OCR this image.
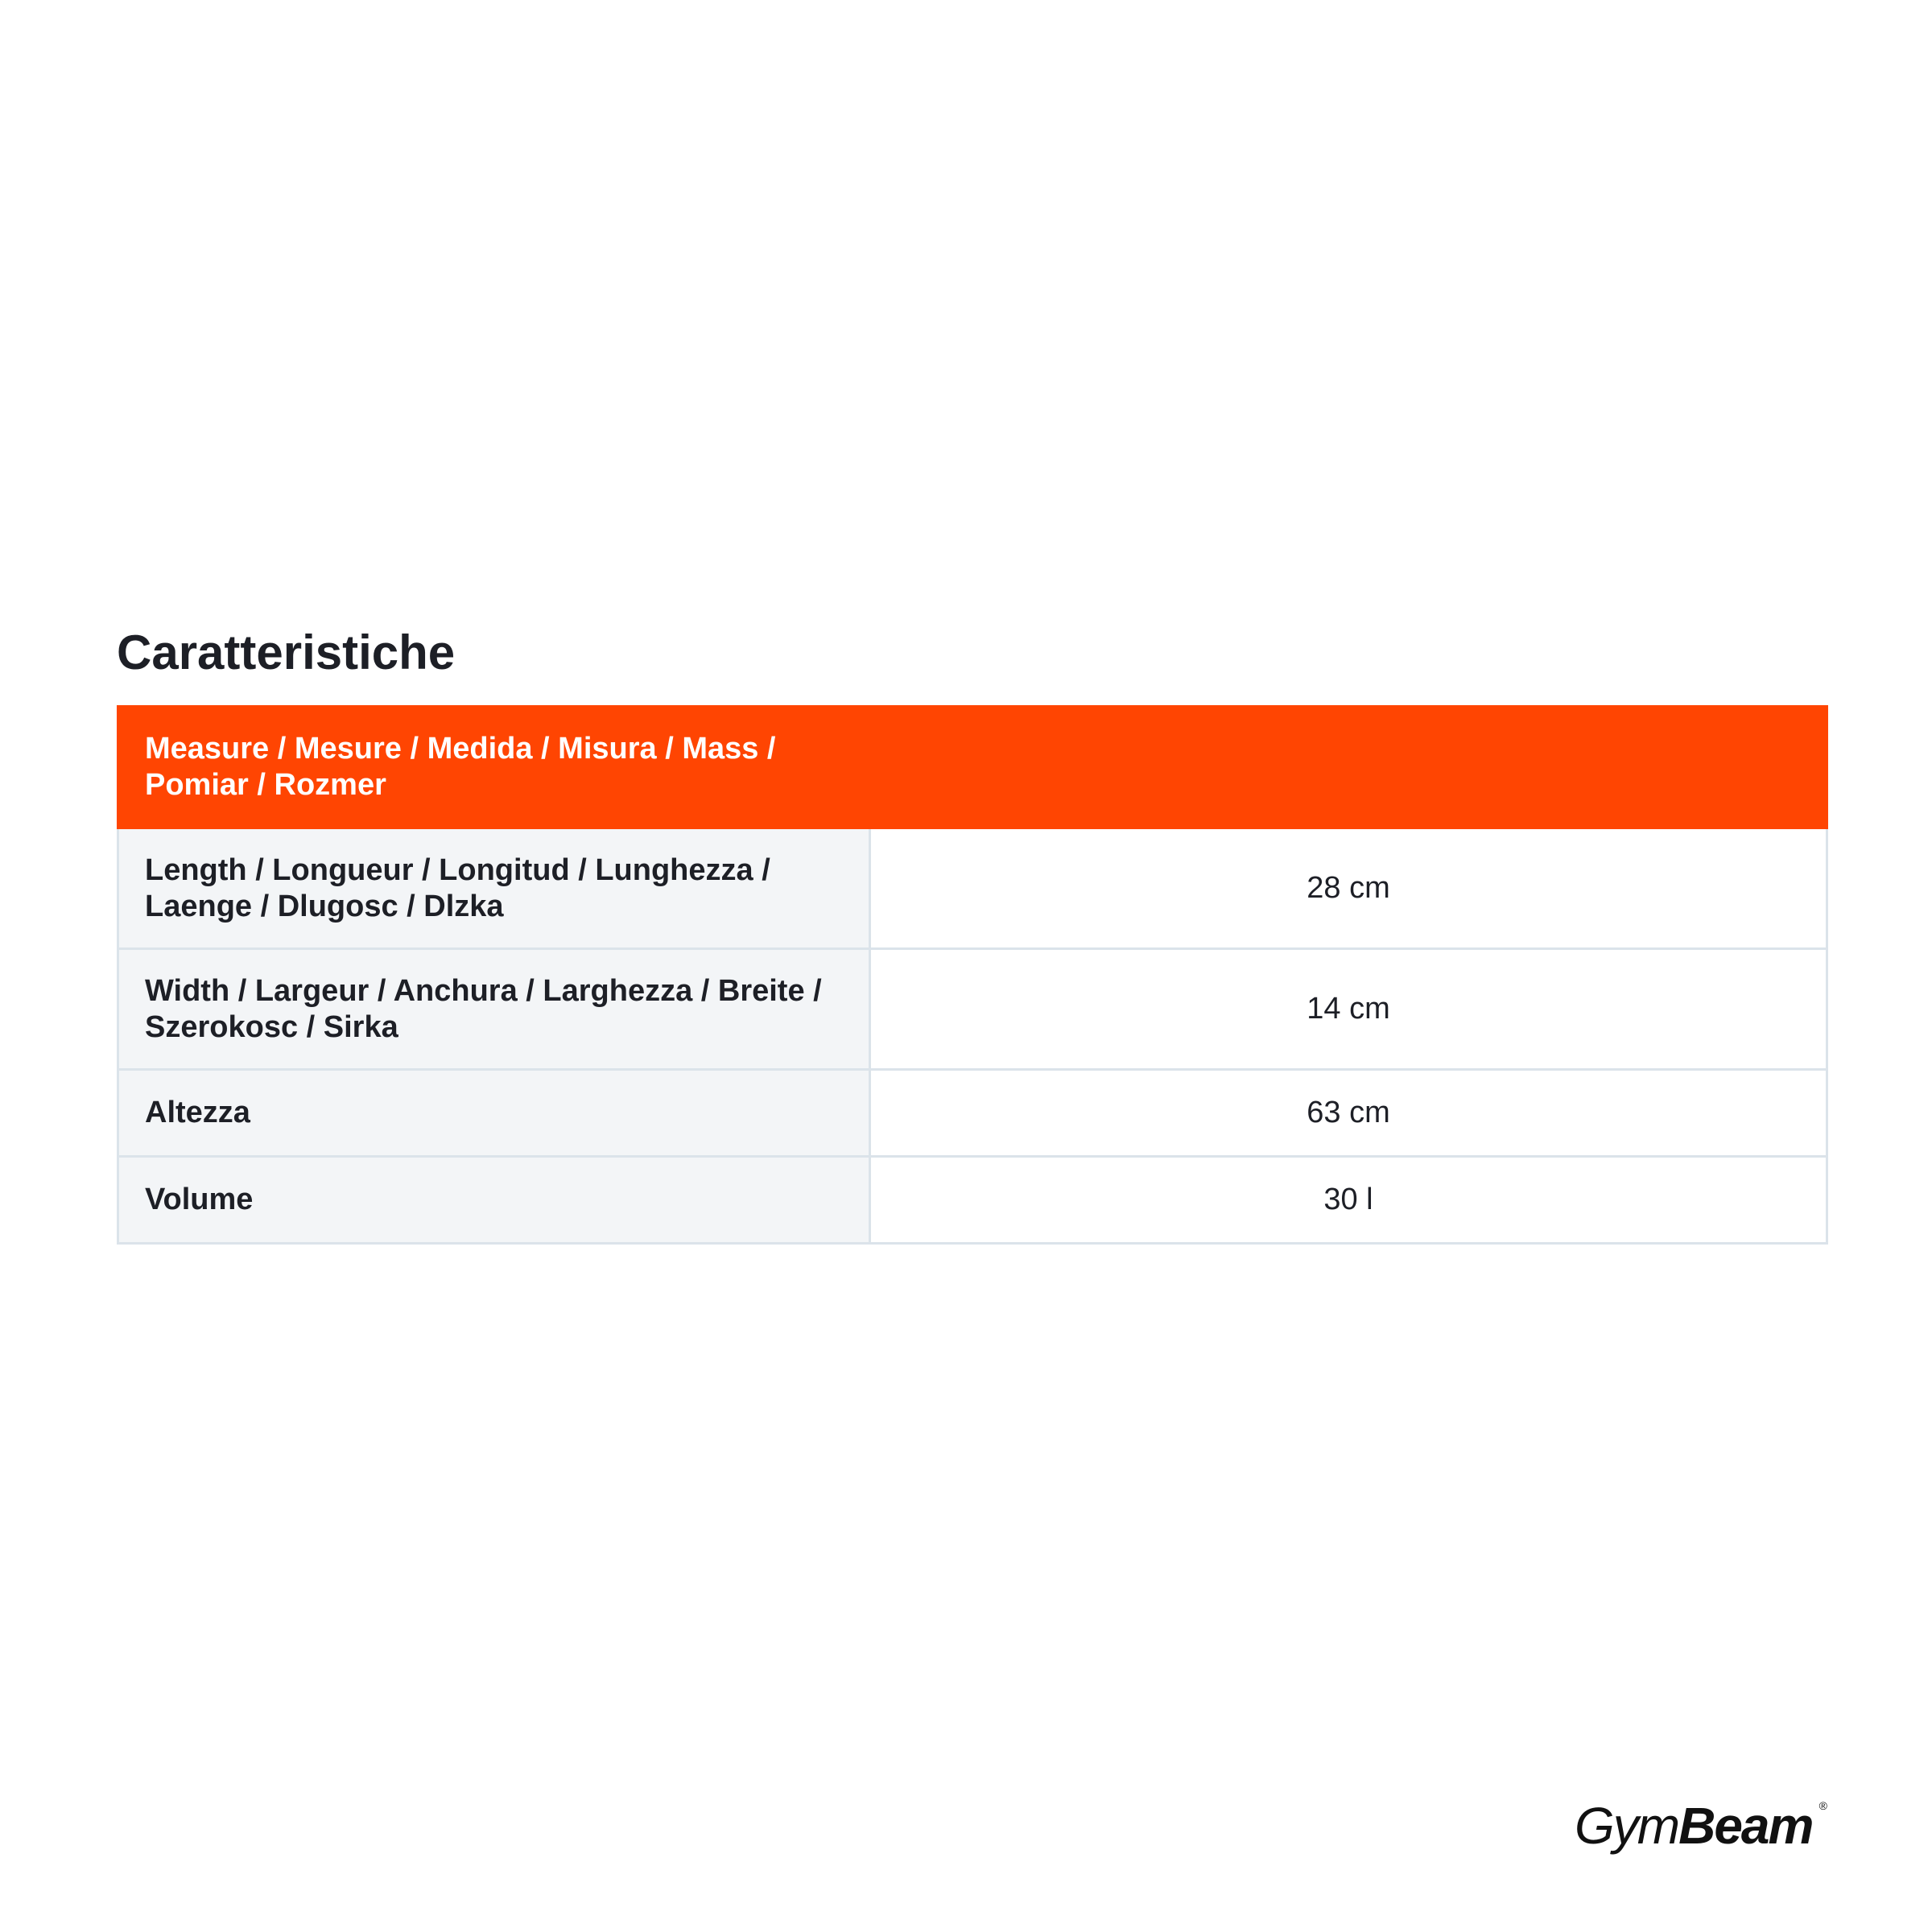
Caratteristiche
Measure / Mesure / Medida / Misura / Mass / Pomiar / Rozmer	

Length / Longueur / Longitud / Lunghezza / Laenge / Dlugosc / Dlzka	28 cm
Width / Largeur / Anchura / Larghezza / Breite / Szerokosc / Sirka	14 cm
Altezza	63 cm
Volume	30 l
GymBeam ®
